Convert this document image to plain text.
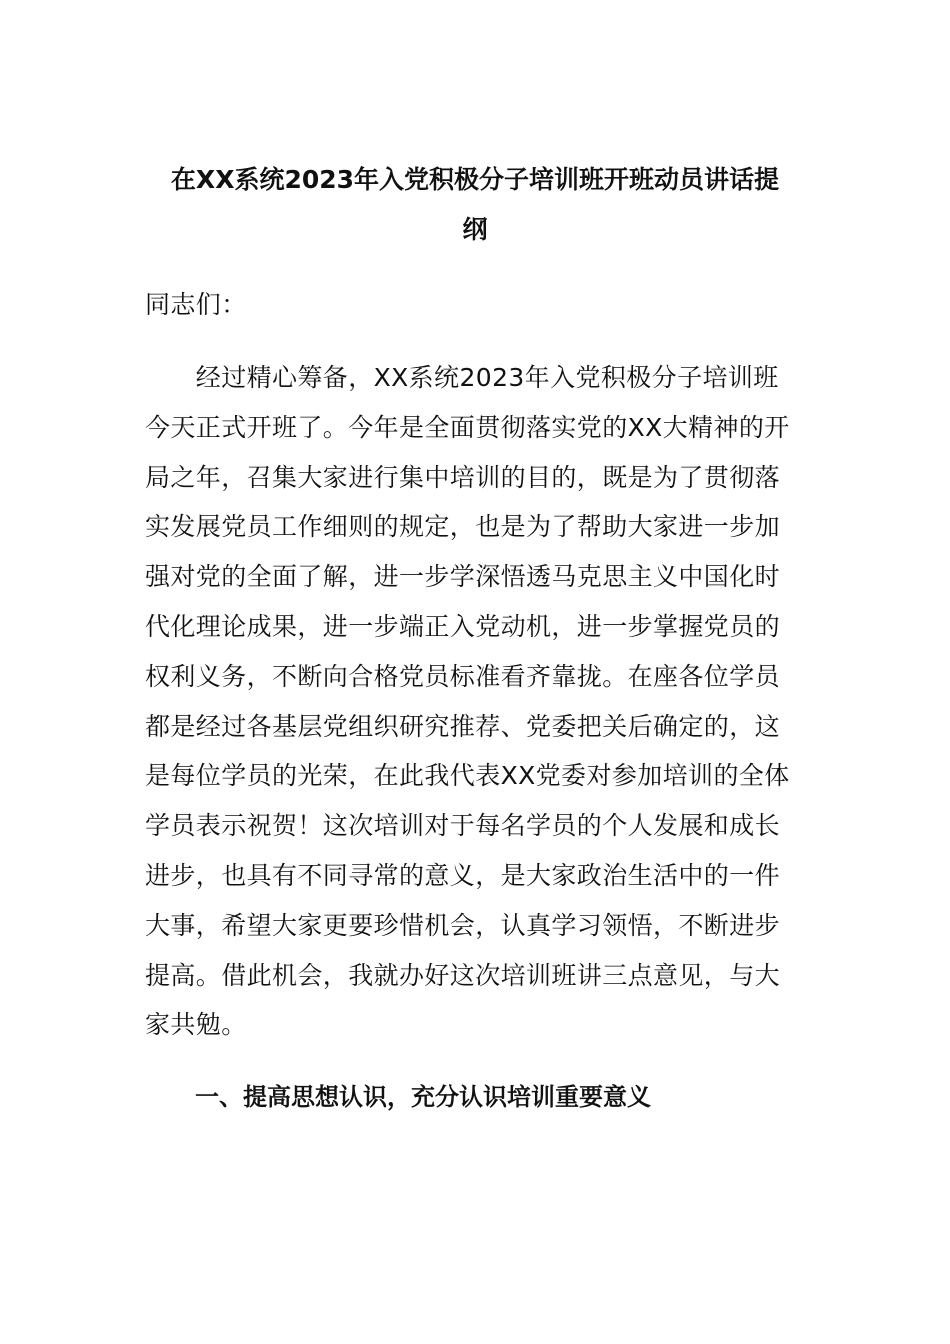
在XX系统2023年入党积极分子培训班开班动员讲话提
纲
同志们：
　　经过精心筹备，XX系统2023年入党积极分子培训班
今天正式开班了。今年是全面贯彻落实党的XX大精神的开
局之年，召集大家进行集中培训的目的，既是为了贯彻落
实发展党员工作细则的规定，也是为了帮助大家进一步加
强对党的全面了解，进一步学深悟透马克思主义中国化时
代化理论成果，进一步端正入党动机，进一步掌握党员的
权利义务，不断向合格党员标准看齐靠拢。在座各位学员
都是经过各基层党组织研究推荐、党委把关后确定的，这
是每位学员的光荣，在此我代表XX党委对参加培训的全体
学员表示祝贺！这次培训对于每名学员的个人发展和成长
进步，也具有不同寻常的意义，是大家政治生活中的一件
大事，希望大家更要珍惜机会，认真学习领悟，不断进步
提高。借此机会，我就办好这次培训班讲三点意见，与大
家共勉。
一、提高思想认识，充分认识培训重要意义
